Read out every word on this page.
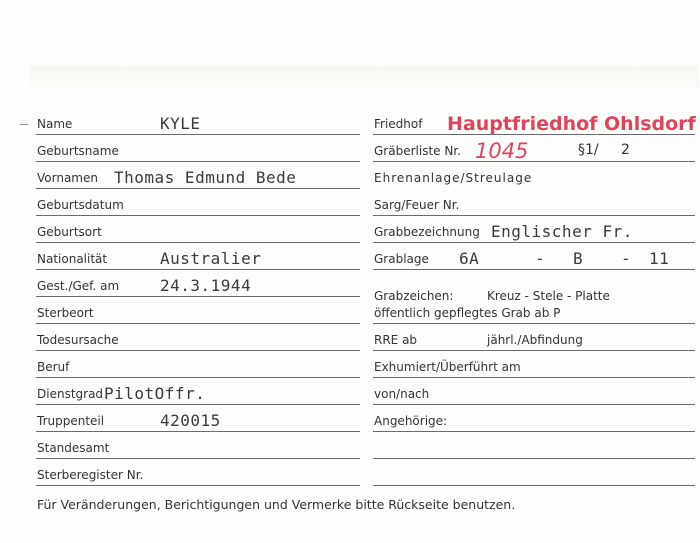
Name	KYLE
Geburtsname
Vornamen Thomas Edmund Bede
Geburtsdatum
Geburtsort
Nationalität	Australier
Gest./Gef. am	24.3.1944
Sterbeort
Todesursache
Beruf
Dienstgrad PilotOffr.
Truppenteil	420015
Standesamt
Sterberegister Nr.
Friedhof Hauptfriedhof Ohlsdorf
Gräberliste Nr. 1045	§1/ 2
Ehrenanlage/Streulage
Sarg/Feuer Nr.
Grabbezeichnung Englischer Fr.
Grablage 6A	- B - 11
Grabzeichen:	Kreuz - Stele - Platte
öffentlich gepflegtes Grab ab P
RRE ab	jährl./Abfindung
Exhumiert/Überführt am
von/nach
Angehörige:
Für Veränderungen, Berichtigungen und Vermerke bitte Rückseite benutzen.
